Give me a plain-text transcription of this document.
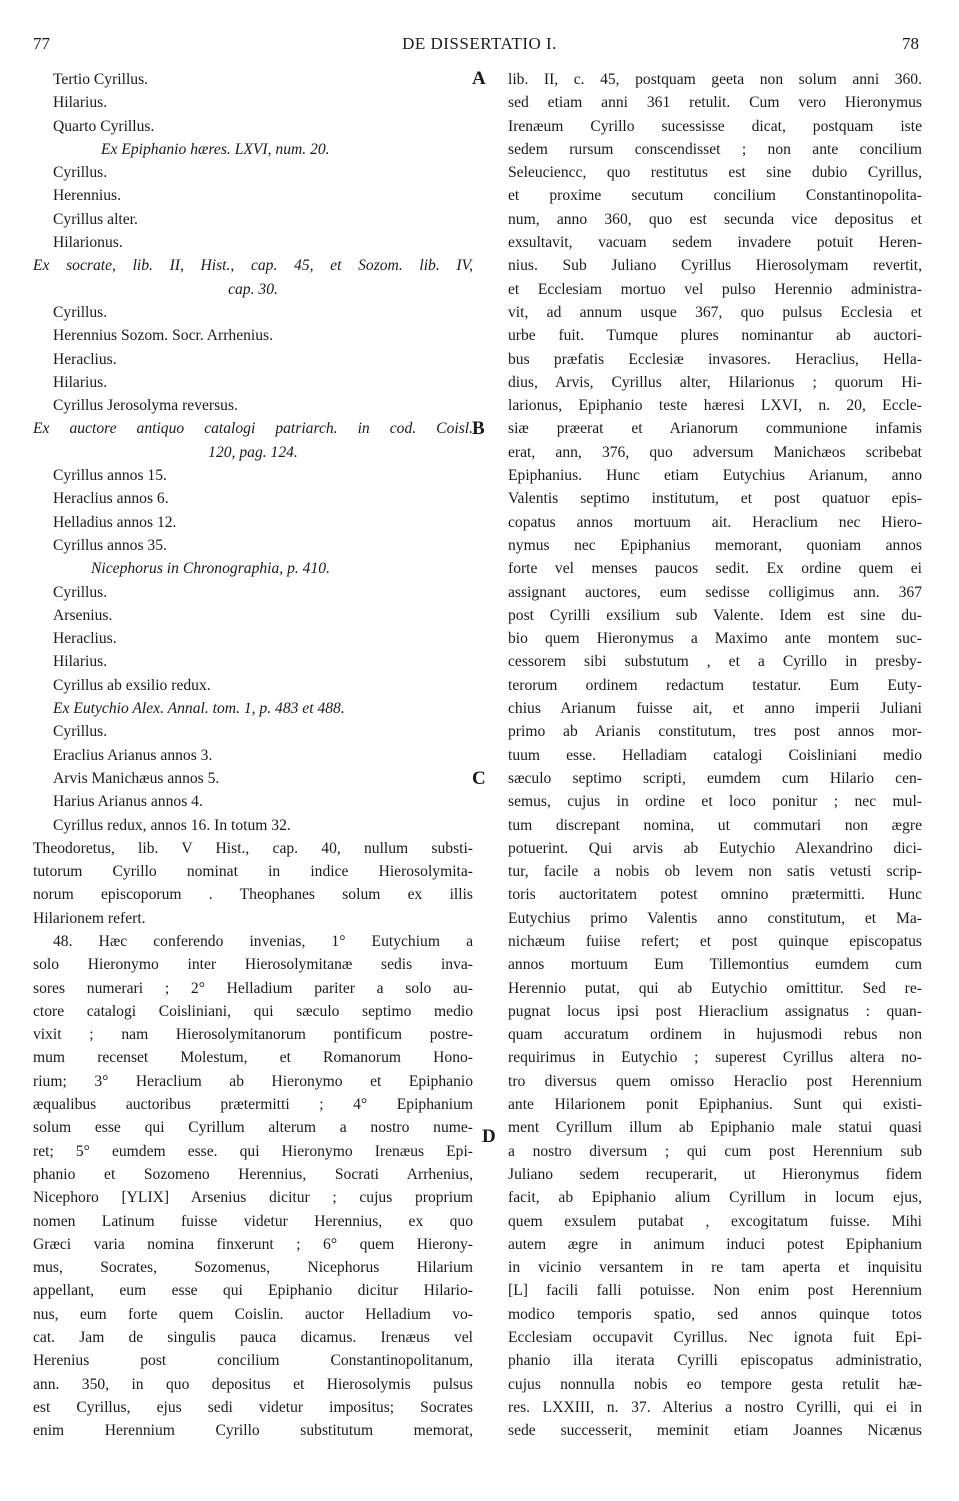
77	DE DISSERTATIO I.	78
Tertio Cyrillus.
Hilarius.
Quarto Cyrillus.
Ex Epiphanio hæres. LXVI, num. 20.
Cyrillus.
Herennius.
Cyrillus alter.
Hilarionus.
Ex socrate, lib. II, Hist., cap. 45, et Sozom. lib. IV,
cap. 30.
Cyrillus.
Herennius Sozom. Socr. Arrhenius.
Heraclius.
Hilarius.
Cyrillus Jerosolyma reversus.
Ex auctore antiquo catalogi patriarch. in cod. Coisl.
120, pag. 124.
Cyrillus annos 15.
Heraclius annos 6.
Helladius annos 12.
Cyrillus annos 35.
Nicephorus in Chronographia, p. 410.
Cyrillus.
Arsenius.
Heraclius.
Hilarius.
Cyrillus ab exsilio redux.
Ex Eutychio Alex. Annal. tom. 1, p. 483 et 488.
Cyrillus.
Eraclius Arianus annos 3.
Arvis Manichæus annos 5.
Harius Arianus annos 4.
Cyrillus redux, annos 16. In totum 32.
Theodoretus, lib. V Hist., cap. 40, nullum substi-
tutorum Cyrillo nominat in indice Hierosolymita-
norum episcoporum . Theophanes solum ex illis
Hilarionem refert.
48. Hæc conferendo invenias, 1° Eutychium a
solo Hieronymo inter Hierosolymitanæ sedis inva-
sores numerari ; 2° Helladium pariter a solo au-
ctore catalogi Coisliniani, qui sæculo septimo medio
vixit ; nam Hierosolymitanorum pontificum postre-
mum recenset Molestum, et Romanorum Hono-
rium; 3° Heraclium ab Hieronymo et Epiphanio
æqualibus auctoribus prætermitti ; 4° Epiphanium
solum esse qui Cyrillum alterum a nostro nume-
ret; 5° eumdem esse. qui Hieronymo Irenæus Epi-
phanio et Sozomeno Herennius, Socrati Arrhenius,
Nicephoro [YLIX] Arsenius dicitur ; cujus proprium
nomen Latinum fuisse videtur Herennius, ex quo
Græci varia nomina finxerunt ; 6° quem Hierony-
mus, Socrates, Sozomenus, Nicephorus Hilarium
appellant, eum esse qui Epiphanio dicitur Hilario-
nus, eum forte quem Coislin. auctor Helladium vo-
cat. Jam de singulis pauca dicamus. Irenæus vel
Herenius post concilium Constantinopolitanum,
ann. 350, in quo depositus et Hierosolymis pulsus
est Cyrillus, ejus sedi videtur impositus; Socrates
enim Herennium Cyrillo substitutum memorat,
lib. II, c. 45, postquam geeta non solum anni 360.
sed etiam anni 361 retulit. Cum vero Hieronymus
Irenæum Cyrillo sucessisse dicat, postquam iste
sedem rursum conscendisset ; non ante concilium
Seleuciencc, quo restitutus est sine dubio Cyrillus,
et proxime secutum concilium Constantinopolita-
num, anno 360, quo est secunda vice depositus et
exsultavit, vacuam sedem invadere potuit Heren-
nius. Sub Juliano Cyrillus Hierosolymam revertit,
et Ecclesiam mortuo vel pulso Herennio administra-
vit, ad annum usque 367, quo pulsus Ecclesia et
urbe fuit. Tumque plures nominantur ab auctori-
bus præfatis Ecclesiæ invasores. Heraclius, Hella-
dius, Arvis, Cyrillus alter, Hilarionus ; quorum Hi-
larionus, Epiphanio teste hæresi LXVI, n. 20, Eccle-
siæ præerat et Arianorum communione infamis
erat, ann, 376, quo adversum Manichæos scribebat
Epiphanius. Hunc etiam Eutychius Arianum, anno
Valentis septimo institutum, et post quatuor epis-
copatus annos mortuum ait. Heraclium nec Hiero-
nymus nec Epiphanius memorant, quoniam annos
forte vel menses paucos sedit. Ex ordine quem ei
assignant auctores, eum sedisse colligimus ann. 367
post Cyrilli exsilium sub Valente. Idem est sine du-
bio quem Hieronymus a Maximo ante montem suc-
cessorem sibi substutum , et a Cyrillo in presby-
terorum ordinem redactum testatur. Eum Euty-
chius Arianum fuisse ait, et anno imperii Juliani
primo ab Arianis constitutum, tres post annos mor-
tuum esse. Helladiam catalogi Coisliniani medio
sæculo septimo scripti, eumdem cum Hilario cen-
semus, cujus in ordine et loco ponitur ; nec mul-
tum discrepant nomina, ut commutari non ægre
potuerint. Qui arvis ab Eutychio Alexandrino dici-
tur, facile a nobis ob levem non satis vetusti scrip-
toris auctoritatem potest omnino prætermitti. Hunc
Eutychius primo Valentis anno constitutum, et Ma-
nichæum fuiise refert; et post quinque episcopatus
annos mortuum Eum Tillemontius eumdem cum
Herennio putat, qui ab Eutychio omittitur. Sed re-
pugnat locus ipsi post Hieraclium assignatus : quan-
quam accuratum ordinem in hujusmodi rebus non
requirimus in Eutychio ; superest Cyrillus altera no-
tro diversus quem omisso Heraclio post Herennium
ante Hilarionem ponit Epiphanius. Sunt qui existi-
ment Cyrillum illum ab Epiphanio male statui quasi
a nostro diversum ; qui cum post Herennium sub
Juliano sedem recuperarit, ut Hieronymus fidem
facit, ab Epiphanio alium Cyrillum in locum ejus,
quem exsulem putabat , excogitatum fuisse. Mihi
autem ægre in animum induci potest Epiphanium
in vicinio versantem in re tam aperta et inquisitu
[L] facili falli potuisse. Non enim post Herennium
modico temporis spatio, sed annos quinque totos
Ecclesiam occupavit Cyrillus. Nec ignota fuit Epi-
phanio illa iterata Cyrilli episcopatus administratio,
cujus nonnulla nobis eo tempore gesta retulit hæ-
res. LXXIII, n. 37. Alterius a nostro Cyrilli, qui ei in
sede successerit, meminit etiam Joannes Nicænus
A
B
C
D
